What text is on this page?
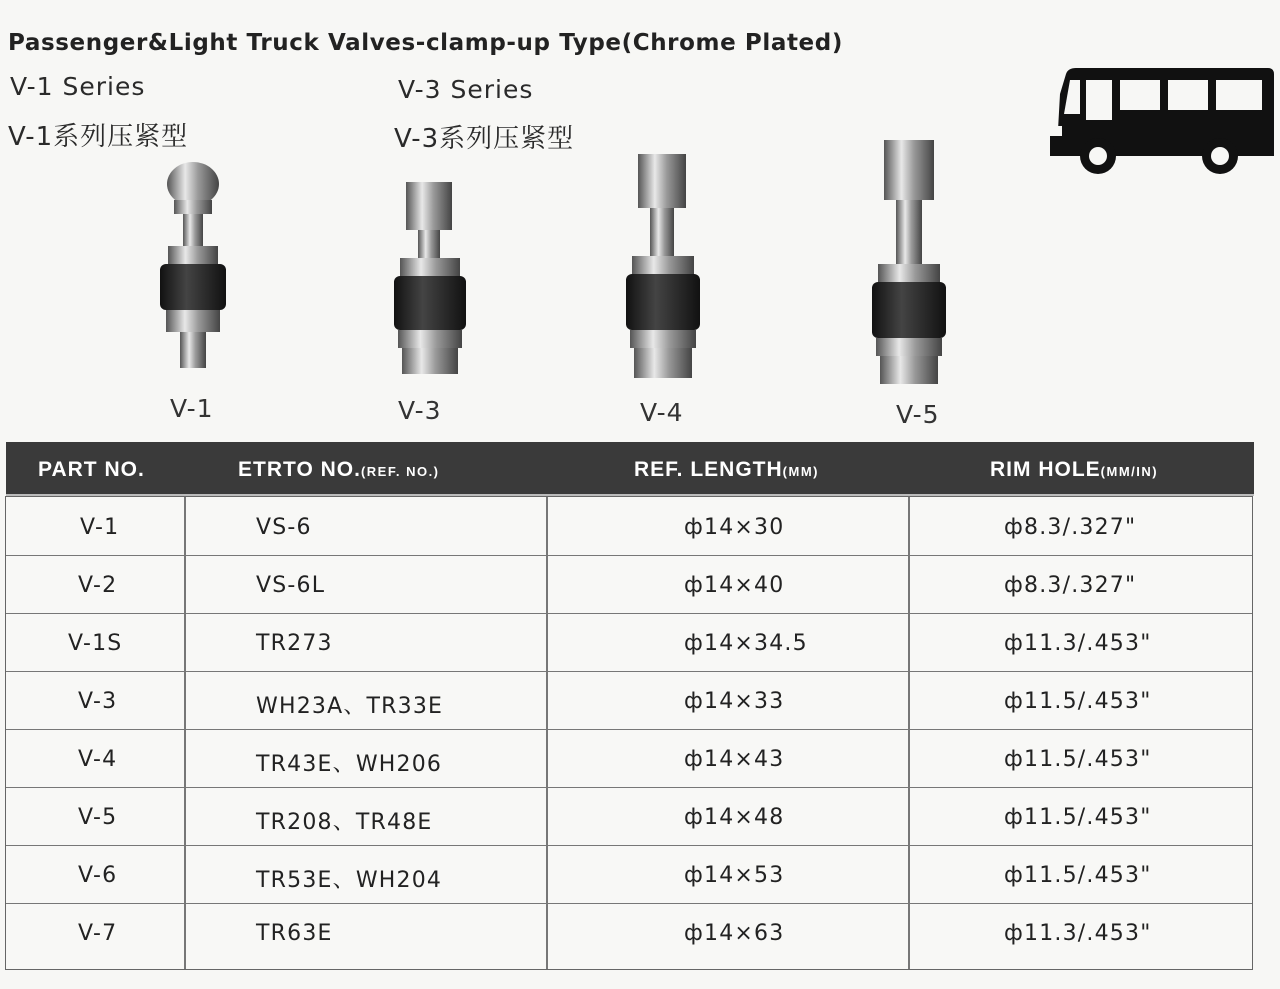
Passenger&Light Truck Valves-clamp-up Type(Chrome Plated)
V-1 Series
V-1系列压紧型
V-3 Series
V-3系列压紧型
V-1	V-3	V-4	V-5
PART NO.	ETRTO NO.(REF. NO.)	REF. LENGTH(MM)	RIM HOLE(MM/IN)
V-1	VS-6	ф14×30	ф8.3/.327"
V-2	VS-6L	ф14×40	ф8.3/.327"
V-1S	TR273	ф14×34.5	ф11.3/.453"
V-3	WH23A、TR33E	ф14×33	ф11.5/.453"
V-4	TR43E、WH206	ф14×43	ф11.5/.453"
V-5	TR208、TR48E	ф14×48	ф11.5/.453"
V-6	TR53E、WH204	ф14×53	ф11.5/.453"
V-7	TR63E	ф14×63	ф11.3/.453"
